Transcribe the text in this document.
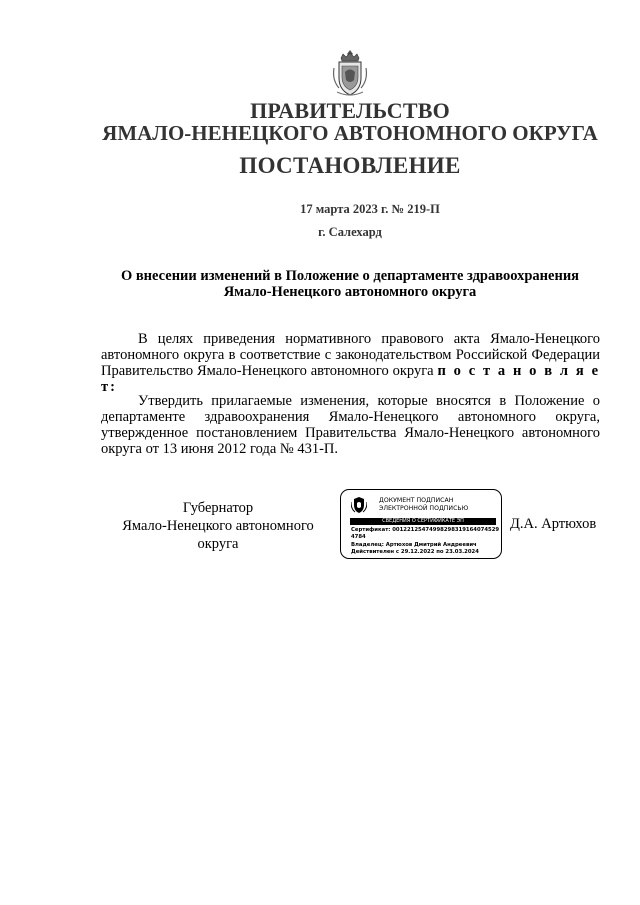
ПРАВИТЕЛЬСТВО
ЯМАЛО-НЕНЕЦКОГО АВТОНОМНОГО ОКРУГА
ПОСТАНОВЛЕНИЕ
17 марта 2023 г. № 219-П
г. Салехард
О внесении изменений в Положение о департаменте здравоохранения Ямало-Ненецкого автономного округа
В целях приведения нормативного правового акта Ямало-Ненецкого автономного округа в соответствие с законодательством Российской Федерации Правительство Ямало-Ненецкого автономного округа п о с т а н о в л я е т:
Утвердить прилагаемые изменения, которые вносятся в Положение о департаменте здравоохранения Ямало-Ненецкого автономного округа, утвержденное постановлением Правительства Ямало-Ненецкого автономного округа от 13 июня 2012 года № 431-П.
Губернатор
Ямало-Ненецкого автономного округа
ДОКУМЕНТ ПОДПИСАН
ЭЛЕКТРОННОЙ ПОДПИСЬЮ
СВЕДЕНИЯ О СЕРТИФИКАТЕ ЭП
Сертификат: 00122125474998298319164074529
4784
Владелец: Артюхов Дмитрий Андреевич
Действителен с 29.12.2022 по 23.03.2024
Д.А. Артюхов
